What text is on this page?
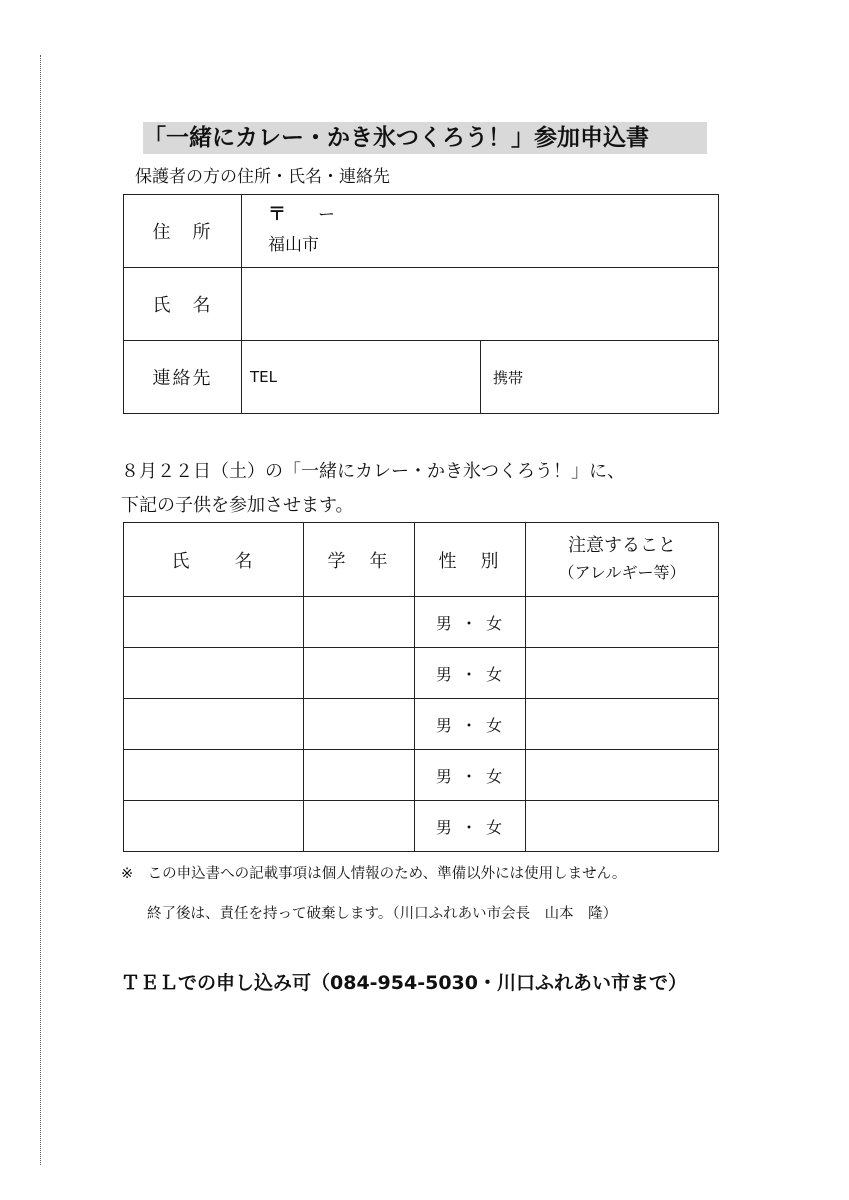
「一緒にカレー・かき氷つくろう！」参加申込書
保護者の方の住所・氏名・連絡先
住　所	〒 ー
福山市	

氏　名		
連絡先	TEL	携帯
８月２２日（土）の「一緒にカレー・かき氷つくろう！」に、
下記の子供を参加させます。
氏　　名	学　年	性　別	注意すること
（アレルギー等）

		男 ・ 女	
		男 ・ 女	
		男 ・ 女	
		男 ・ 女	
		男 ・ 女	
※　この申込書への記載事項は個人情報のため、準備以外には使用しません。
終了後は、責任を持って破棄します。（川口ふれあい市会長　山本　隆）
ＴＥＬでの申し込み可（084-954-5030・川口ふれあい市まで）
